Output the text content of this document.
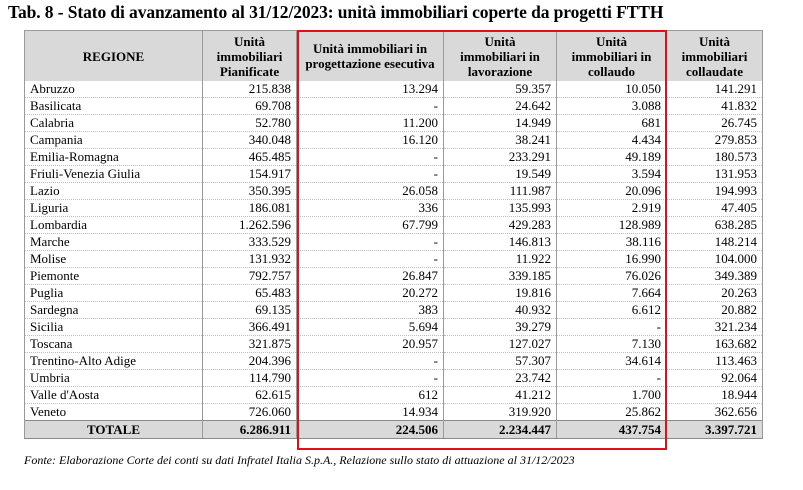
Tab. 8 - Stato di avanzamento al 31/12/2023: unità immobiliari coperte da progetti FTTH
REGIONE	Unità immobiliari Pianificate	Unità immobiliari in progettazione esecutiva	Unità immobiliari in lavorazione	Unità immobiliari in collaudo	Unità immobiliari collaudate

Abruzzo	215.838	13.294	59.357	10.050	141.291
Basilicata	69.708	-	24.642	3.088	41.832
Calabria	52.780	11.200	14.949	681	26.745
Campania	340.048	16.120	38.241	4.434	279.853
Emilia-Romagna	465.485	-	233.291	49.189	180.573
Friuli-Venezia Giulia	154.917	-	19.549	3.594	131.953
Lazio	350.395	26.058	111.987	20.096	194.993
Liguria	186.081	336	135.993	2.919	47.405
Lombardia	1.262.596	67.799	429.283	128.989	638.285
Marche	333.529	-	146.813	38.116	148.214
Molise	131.932	-	11.922	16.990	104.000
Piemonte	792.757	26.847	339.185	76.026	349.389
Puglia	65.483	20.272	19.816	7.664	20.263
Sardegna	69.135	383	40.932	6.612	20.882
Sicilia	366.491	5.694	39.279	-	321.234
Toscana	321.875	20.957	127.027	7.130	163.682
Trentino-Alto Adige	204.396	-	57.307	34.614	113.463
Umbria	114.790	-	23.742	-	92.064
Valle d'Aosta	62.615	612	41.212	1.700	18.944
Veneto	726.060	14.934	319.920	25.862	362.656
TOTALE	6.286.911	224.506	2.234.447	437.754	3.397.721
Fonte: Elaborazione Corte dei conti su dati Infratel Italia S.p.A., Relazione sullo stato di attuazione al 31/12/2023
